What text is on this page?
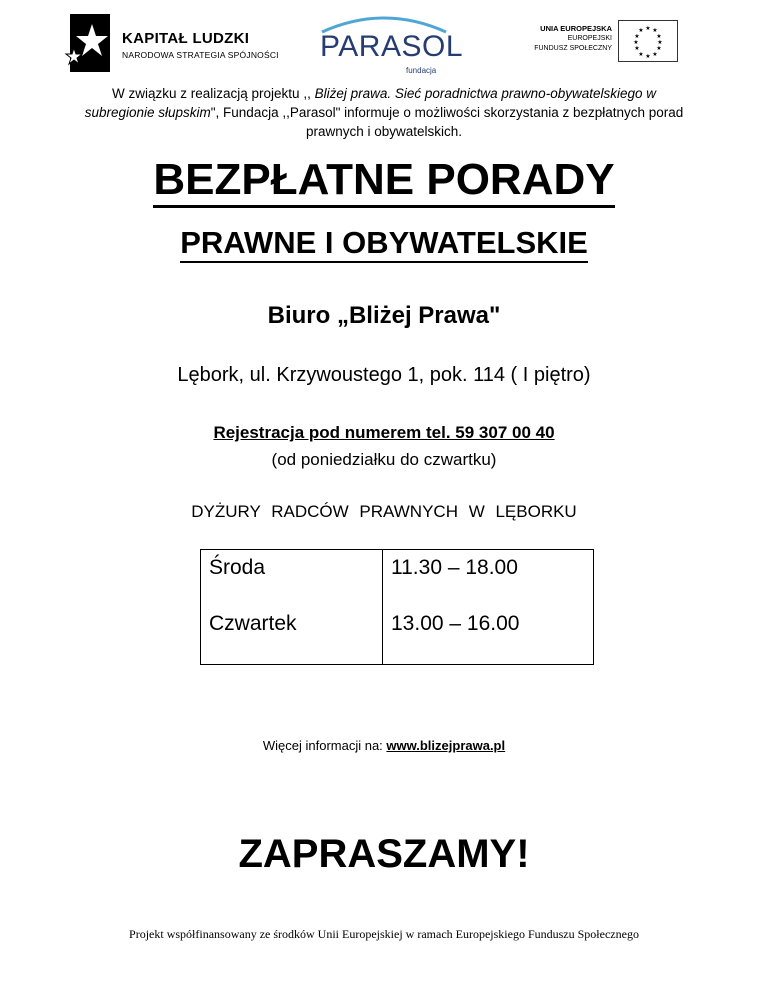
KAPITAŁ LUDZKI
NARODOWA STRATEGIA SPÓJNOŚCI PARASOL
fundacja
UNIA EUROPEJSKA
EUROPEJSKI
FUNDUSZ SPOŁECZNY
★ ★
★
★
★
★
★
★
★
★
★
★
W związku z realizacją projektu ,, Bliżej prawa. Sieć poradnictwa prawno-obywatelskiego w subregionie słupskim", Fundacja ,,Parasol" informuje o możliwości skorzystania z bezpłatnych porad prawnych i obywatelskich.
BEZPŁATNE PORADY
PRAWNE I OBYWATELSKIE
Biuro „Bliżej Prawa"
Lębork, ul. Krzywoustego 1, pok. 114 ( I piętro)
Rejestracja pod numerem tel. 59 307 00 40
(od poniedziałku do czwartku)
DYŻURY RADCÓW PRAWNYCH W LĘBORKU
Środa	11.30 – 18.00
Czwartek	13.00 – 16.00
Więcej informacji na: www.blizejprawa.pl
ZAPRASZAMY!
Projekt współfinansowany ze środków Unii Europejskiej w ramach Europejskiego Funduszu Społecznego
